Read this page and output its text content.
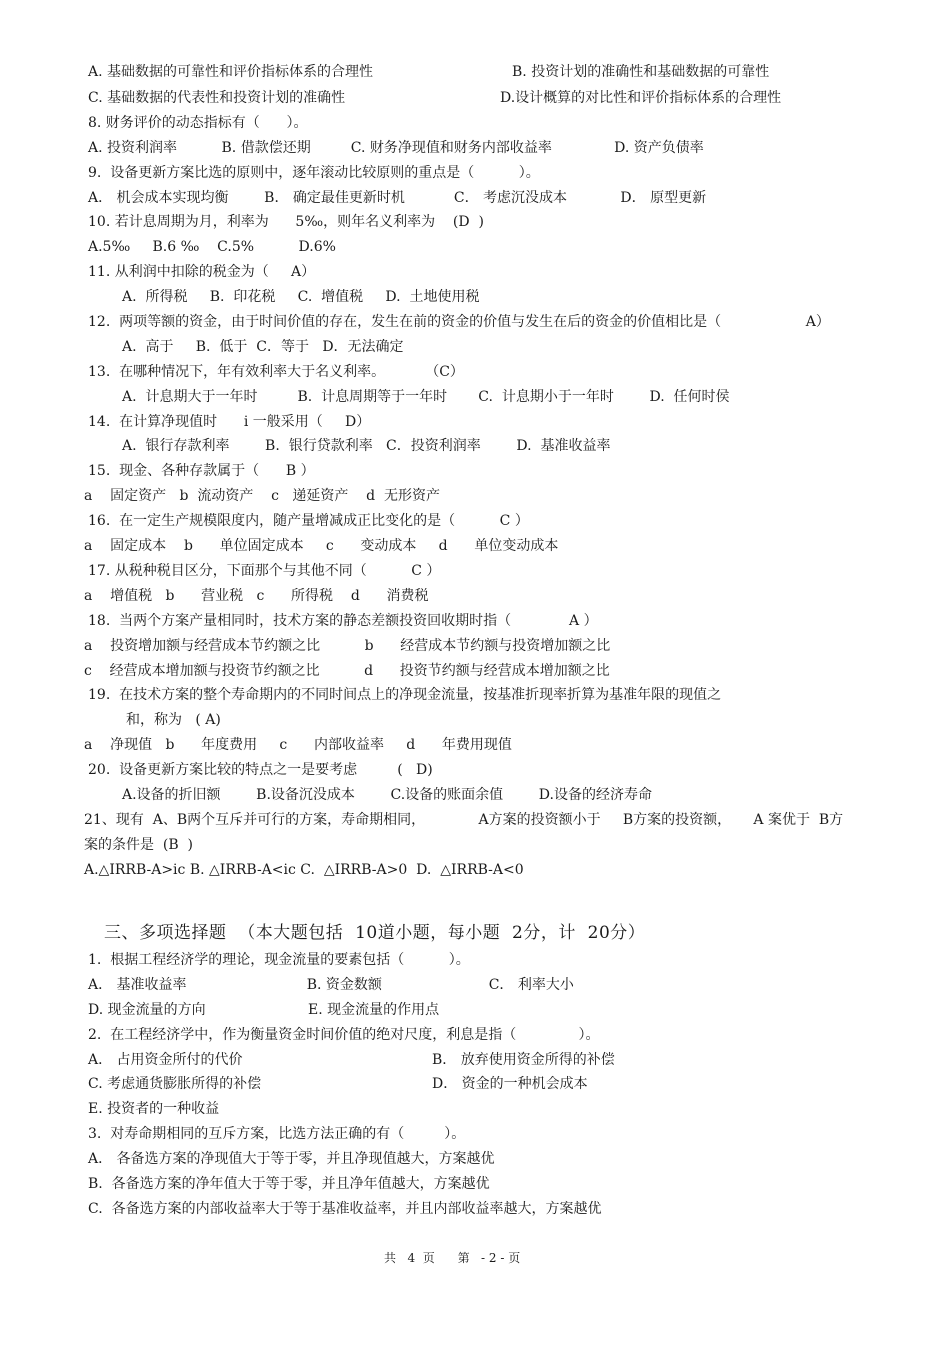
三、多项选择题  （本大题包括  10道小题，每小题  2分，计  20分）
共   4  页      第   - 2 - 页
A. 基础数据的可靠性和评价指标体系的合理性	B. 投资计划的准确性和基础数据的可靠性
C. 基础数据的代表性和投资计划的准确性	D.设计概算的对比性和评价指标体系的合理性
8. 财务评价的动态指标有（      ）。
A. 投资利润率          B. 借款偿还期         C. 财务净现值和财务内部收益率              D. 资产负债率
9.  设备更新方案比选的原则中，逐年滚动比较原则的重点是（          ）。
A． 机会成本实现均衡        B． 确定最佳更新时机           C． 考虑沉没成本            D． 原型更新
10. 若计息周期为月，利率为      5‰，则年名义利率为    (D  )
A.5‰     B.6 ‰    C.5%          D.6%
11. 从利润中扣除的税金为（     A）
A.  所得税     B.  印花税     C.  增值税     D.  土地使用税
12.  两项等额的资金，由于时间价值的存在，发生在前的资金的价值与发生在后的资金的价值相比是（                   A）
A.  高于     B.  低于  C．等于   D．无法确定
13.  在哪种情况下，年有效利率大于名义利率。         （C）
A.  计息期大于一年时         B.  计息周期等于一年时       C.  计息期小于一年时        D.  任何时侯
14.  在计算净现值时      i 一般采用（     D）
A.  银行存款利率        B.  银行贷款利率   C．投资利润率        D.  基准收益率
15.  现金、各种存款属于（      B ）
a    固定资产   b  流动资产    c   递延资产    d  无形资产
16.  在一定生产规模限度内，随产量增减成正比变化的是（          C ）
a    固定成本    b      单位固定成本     c      变动成本     d      单位变动成本
17. 从税种税目区分，下面那个与其他不同（          C ）
a    增值税   b      营业税   c      所得税    d      消费税
18.  当两个方案产量相同时，技术方案的静态差额投资回收期时指（             A ）
a    投资增加额与经营成本节约额之比          b      经营成本节约额与投资增加额之比
c    经营成本增加额与投资节约额之比          d      投资节约额与经营成本增加额之比
19.  在技术方案的整个寿命期内的不同时间点上的净现金流量，按基准折现率折算为基准年限的现值之
和，称为   ( A)
a    净现值   b      年度费用     c      内部收益率     d      年费用现值
20.  设备更新方案比较的特点之一是要考虑         (   D)
A.设备的折旧额        B.设备沉没成本        C.设备的账面余值        D.设备的经济寿命
21、现有  A、B两个互斥并可行的方案，寿命期相同，            A方案的投资额小于     B方案的投资额，     A 案优于  B方
案的条件是  (B  )
A.△IRRB-A>ic B. △IRRB-A<ic C.  △IRRB-A>0  D.  △IRRB-A<0
1.  根据工程经济学的理论，现金流量的要素包括（          ）。
A． 基准收益率                           B. 资金数额                        C． 利率大小
D. 现金流量的方向                       E. 现金流量的作用点
2.  在工程经济学中，作为衡量资金时间价值的绝对尺度，利息是指（              ）。
A． 占用资金所付的代价	B． 放弃使用资金所得的补偿
C. 考虑通货膨胀所得的补偿	D． 资金的一种机会成本
E. 投资者的一种收益
3.  对寿命期相同的互斥方案，比选方法正确的有（         ）。
A． 各备选方案的净现值大于等于零，并且净现值越大，方案越优
B.  各备选方案的净年值大于等于零，并且净年值越大，方案越优
C.  各备选方案的内部收益率大于等于基准收益率，并且内部收益率越大，方案越优
